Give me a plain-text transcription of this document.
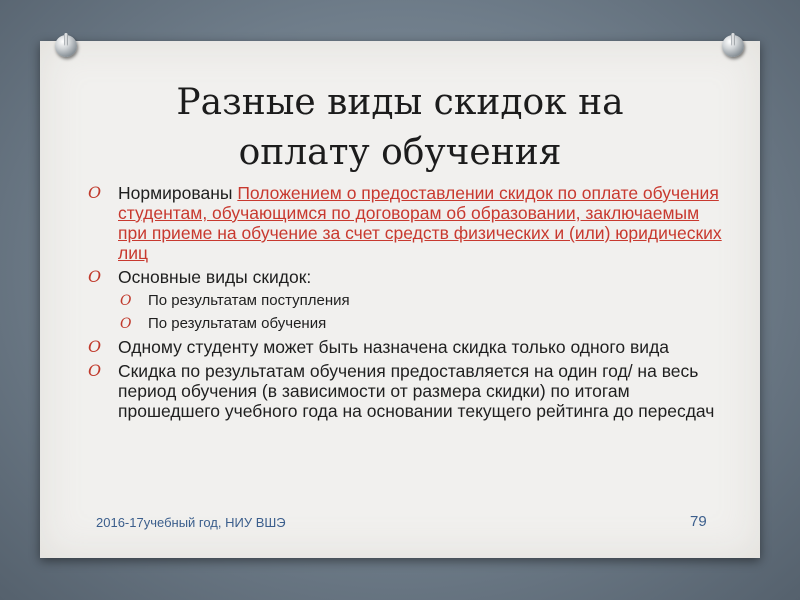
Разные виды скидок на
оплату обучения
O Нормированы Положением о предоставлении скидок по оплате обучения студентам, обучающимся по договорам об образовании, заключаемым при приеме на обучение за счет средств физических и (или) юридических лиц
O Основные виды скидок:
O По результатам поступления
O По результатам обучения
O Одному студенту может быть назначена скидка только одного вида
O Скидка по результатам обучения предоставляется на один год/ на весь период обучения (в зависимости от размера скидки) по итогам прошедшего учебного года на основании текущего рейтинга до пересдач
2016-17учебный год, НИУ ВШЭ	79
